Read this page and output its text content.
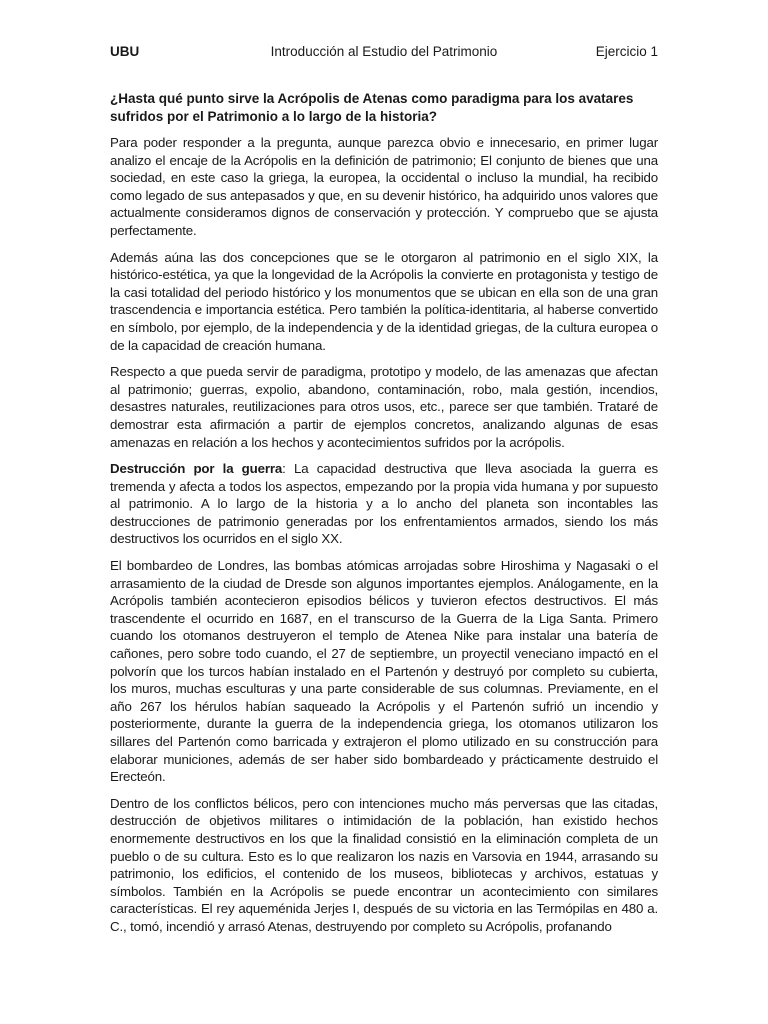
UBU	Introducción al Estudio del Patrimonio	Ejercicio 1

¿Hasta qué punto sirve la Acrópolis de Atenas como paradigma para los avatares sufridos por el Patrimonio a lo largo de la historia?

Para poder responder a la pregunta, aunque parezca obvio e innecesario, en primer lugar analizo el encaje de la Acrópolis en la definición de patrimonio; El conjunto de bienes que una sociedad, en este caso la griega, la europea, la occidental o incluso la mundial, ha recibido como legado de sus antepasados y que, en su devenir histórico, ha adquirido unos valores que actualmente consideramos dignos de conservación y protección. Y compruebo que se ajusta perfectamente.

Además aúna las dos concepciones que se le otorgaron al patrimonio en el siglo XIX, la histórico-estética, ya que la longevidad de la Acrópolis la convierte en protagonista y testigo de la casi totalidad del periodo histórico y los monumentos que se ubican en ella son de una gran trascendencia e importancia estética. Pero también la política-identitaria, al haberse convertido en símbolo, por ejemplo, de la independencia y de la identidad griegas, de la cultura europea o de la capacidad de creación humana.

Respecto a que pueda servir de paradigma, prototipo y modelo, de las amenazas que afectan al patrimonio; guerras, expolio, abandono, contaminación, robo, mala gestión, incendios, desastres naturales, reutilizaciones para otros usos, etc., parece ser que también. Trataré de demostrar esta afirmación a partir de ejemplos concretos, analizando algunas de esas amenazas en relación a los hechos y acontecimientos sufridos por la acrópolis.

Destrucción por la guerra: La capacidad destructiva que lleva asociada la guerra es tremenda y afecta a todos los aspectos, empezando por la propia vida humana y por supuesto al patrimonio. A lo largo de la historia y a lo ancho del planeta son incontables las destrucciones de patrimonio generadas por los enfrentamientos armados, siendo los más destructivos los ocurridos en el siglo XX.

El bombardeo de Londres, las bombas atómicas arrojadas sobre Hiroshima y Nagasaki o el arrasamiento de la ciudad de Dresde son algunos importantes ejemplos. Análogamente, en la Acrópolis también acontecieron episodios bélicos y tuvieron efectos destructivos. El más trascendente el ocurrido en 1687, en el transcurso de la Guerra de la Liga Santa. Primero cuando los otomanos destruyeron el templo de Atenea Nike para instalar una batería de cañones, pero sobre todo cuando, el 27 de septiembre, un proyectil veneciano impactó en el polvorín que los turcos habían instalado en el Partenón y destruyó por completo su cubierta, los muros, muchas esculturas y una parte considerable de sus columnas. Previamente, en el año 267 los hérulos habían saqueado la Acrópolis y el Partenón sufrió un incendio y posteriormente, durante la guerra de la independencia griega, los otomanos utilizaron los sillares del Partenón como barricada y extrajeron el plomo utilizado en su construcción para elaborar municiones, además de ser haber sido bombardeado y prácticamente destruido el Erecteón.

Dentro de los conflictos bélicos, pero con intenciones mucho más perversas que las citadas, destrucción de objetivos militares o intimidación de la población, han existido hechos enormemente destructivos en los que la finalidad consistió en la eliminación completa de un pueblo o de su cultura. Esto es lo que realizaron los nazis en Varsovia en 1944, arrasando su patrimonio, los edificios, el contenido de los museos, bibliotecas y archivos, estatuas y símbolos. También en la Acrópolis se puede encontrar un acontecimiento con similares características. El rey aqueménida Jerjes I, después de su victoria en las Termópilas en 480 a. C., tomó, incendió y arrasó Atenas, destruyendo por completo su Acrópolis, profanando
